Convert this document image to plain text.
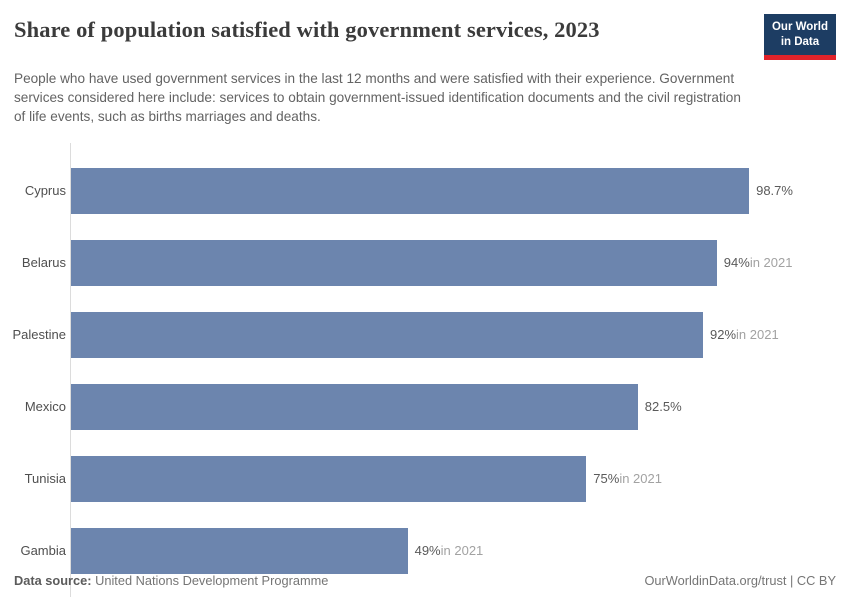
Share of population satisfied with government services, 2023	Our World
in Data

People who have used government services in the last 12 months and were satisfied with their experience. Government services considered here include: services to obtain government-issued identification documents and the civil registration of life events, such as births marriages and deaths.

Cyprus	98.7%
Belarus	94%in 2021
Palestine	92%in 2021
Mexico	82.5%
Tunisia	75%in 2021
Gambia	49%in 2021
Data source: United Nations Development Programme	OurWorldinData.org/trust | CC BY
